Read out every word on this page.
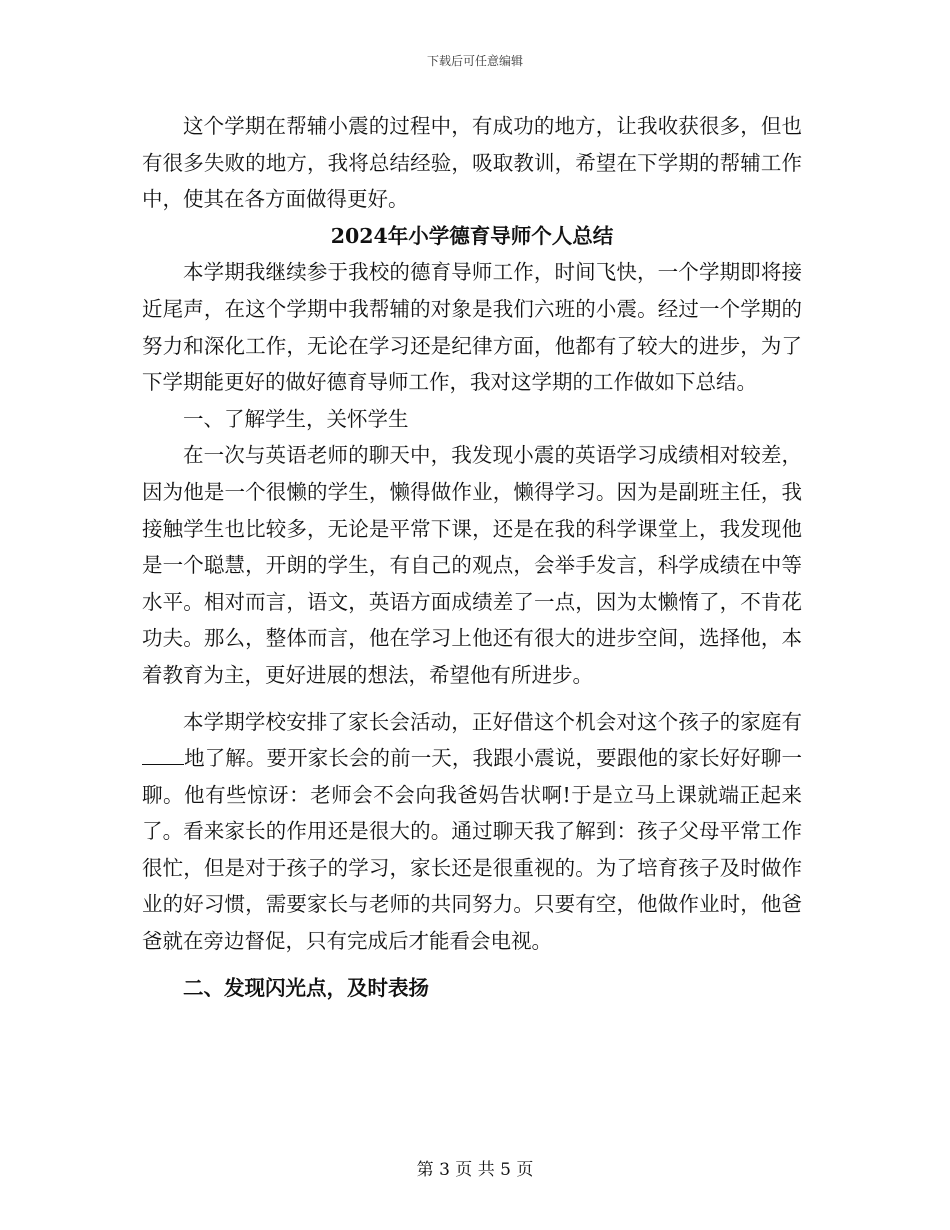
下载后可任意编辑

这个学期在帮辅小震的过程中，有成功的地方，让我收获很多，但也有很多失败的地方，我将总结经验，吸取教训，希望在下学期的帮辅工作中，使其在各方面做得更好。

2024年小学德育导师个人总结

本学期我继续参于我校的德育导师工作，时间飞快，一个学期即将接近尾声，在这个学期中我帮辅的对象是我们六班的小震。经过一个学期的努力和深化工作，无论在学习还是纪律方面，他都有了较大的进步，为了下学期能更好的做好德育导师工作，我对这学期的工作做如下总结。

一、了解学生，关怀学生

在一次与英语老师的聊天中，我发现小震的英语学习成绩相对较差，因为他是一个很懒的学生，懒得做作业，懒得学习。因为是副班主任，我接触学生也比较多，无论是平常下课，还是在我的科学课堂上，我发现他是一个聪慧，开朗的学生，有自己的观点，会举手发言，科学成绩在中等水平。相对而言，语文，英语方面成绩差了一点，因为太懒惰了，不肯花功夫。那么，整体而言，他在学习上他还有很大的进步空间，选择他，本着教育为主，更好进展的想法，希望他有所进步。

本学期学校安排了家长会活动，正好借这个机会对这个孩子的家庭有地了解。要开家长会的前一天，我跟小震说，要跟他的家长好好聊一聊。他有些惊讶：老师会不会向我爸妈告状啊!于是立马上课就端正起来了。看来家长的作用还是很大的。通过聊天我了解到：孩子父母平常工作很忙，但是对于孩子的学习，家长还是很重视的。为了培育孩子及时做作业的好习惯，需要家长与老师的共同努力。只要有空，他做作业时，他爸爸就在旁边督促，只有完成后才能看会电视。

二、发现闪光点，及时表扬

第 3 页 共 5 页
